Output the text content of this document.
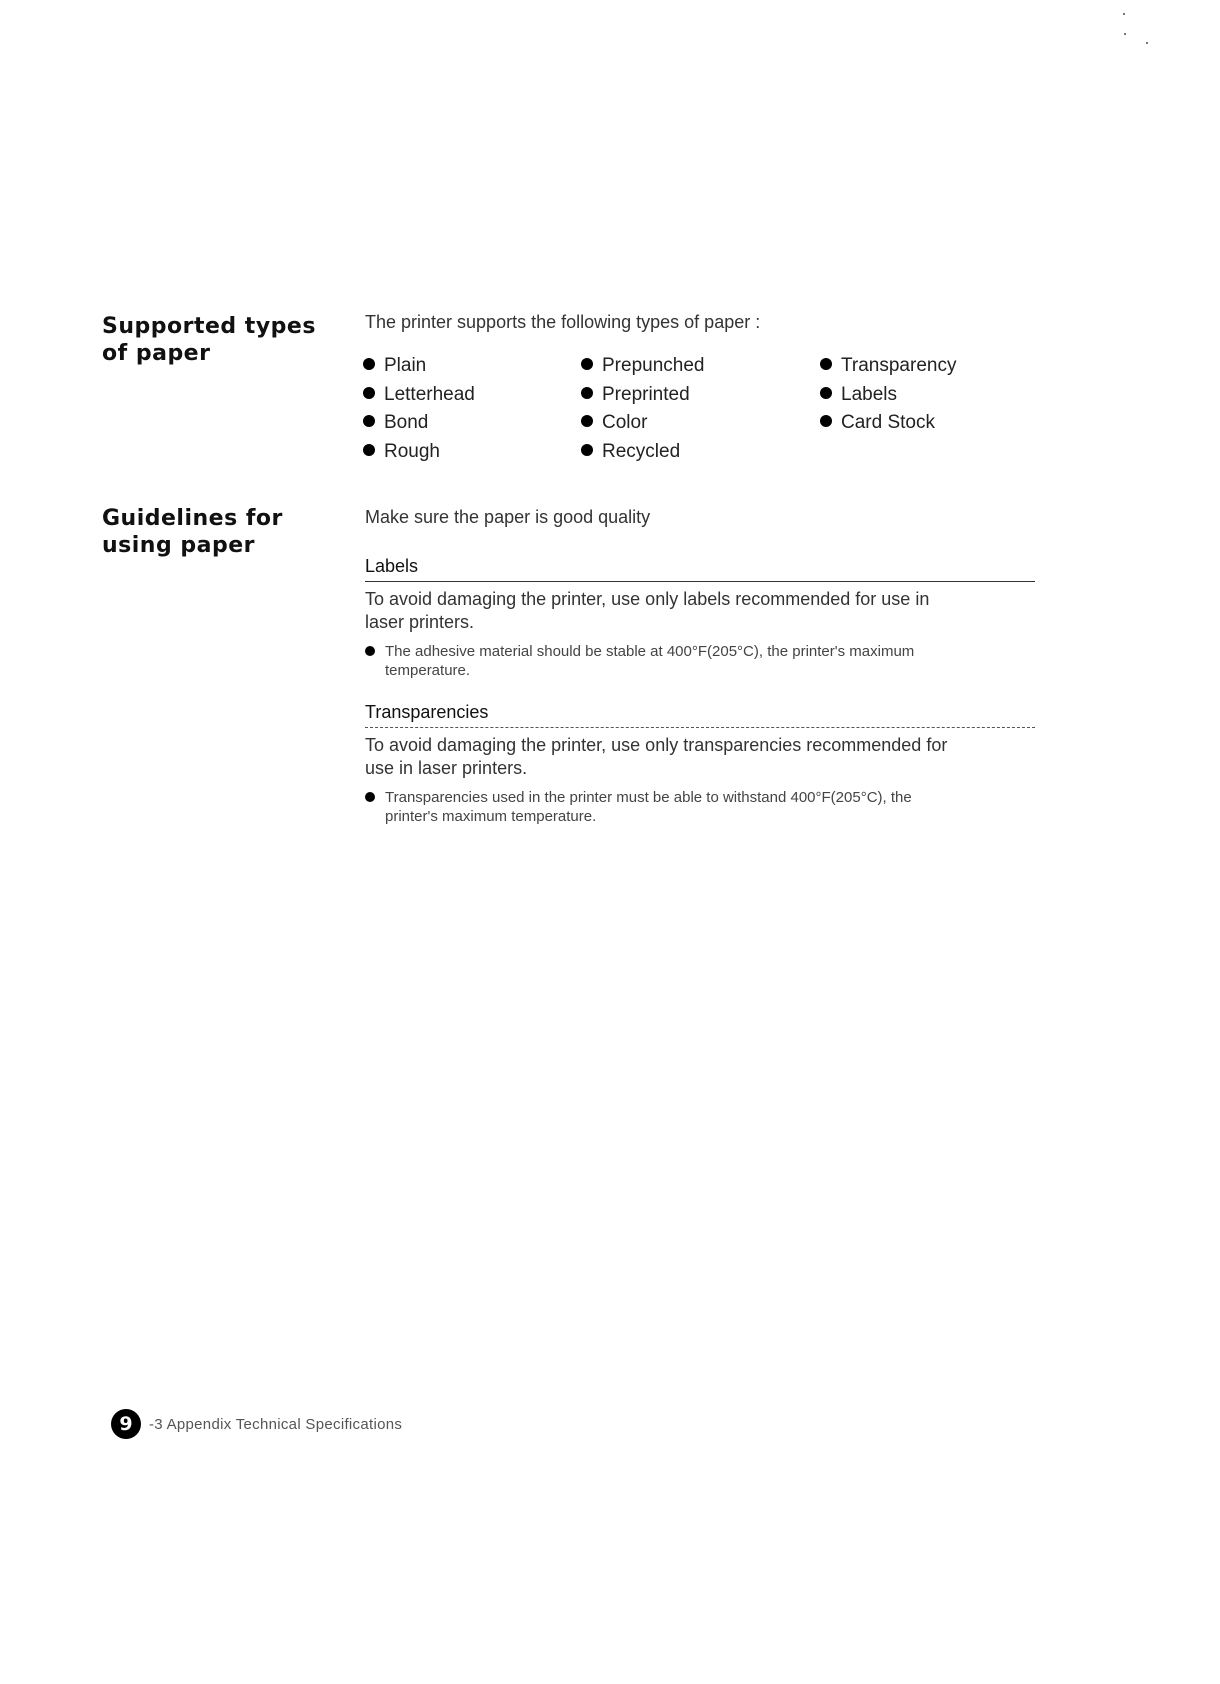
Supported types
of paper
The printer supports the following types of paper :
Plain
Letterhead
Bond
Rough
Prepunched
Preprinted
Color
Recycled
Transparency
Labels
Card Stock
Guidelines for
using paper
Make sure the paper is good quality
Labels
To avoid damaging the printer, use only labels recommended for use in laser printers.
The adhesive material should be stable at 400°F(205°C), the printer's maximum temperature.
Transparencies
To avoid damaging the printer, use only transparencies recommended for use in laser printers.
Transparencies used in the printer must be able to withstand 400°F(205°C), the printer's maximum temperature.
9	-3 Appendix Technical Specifications
